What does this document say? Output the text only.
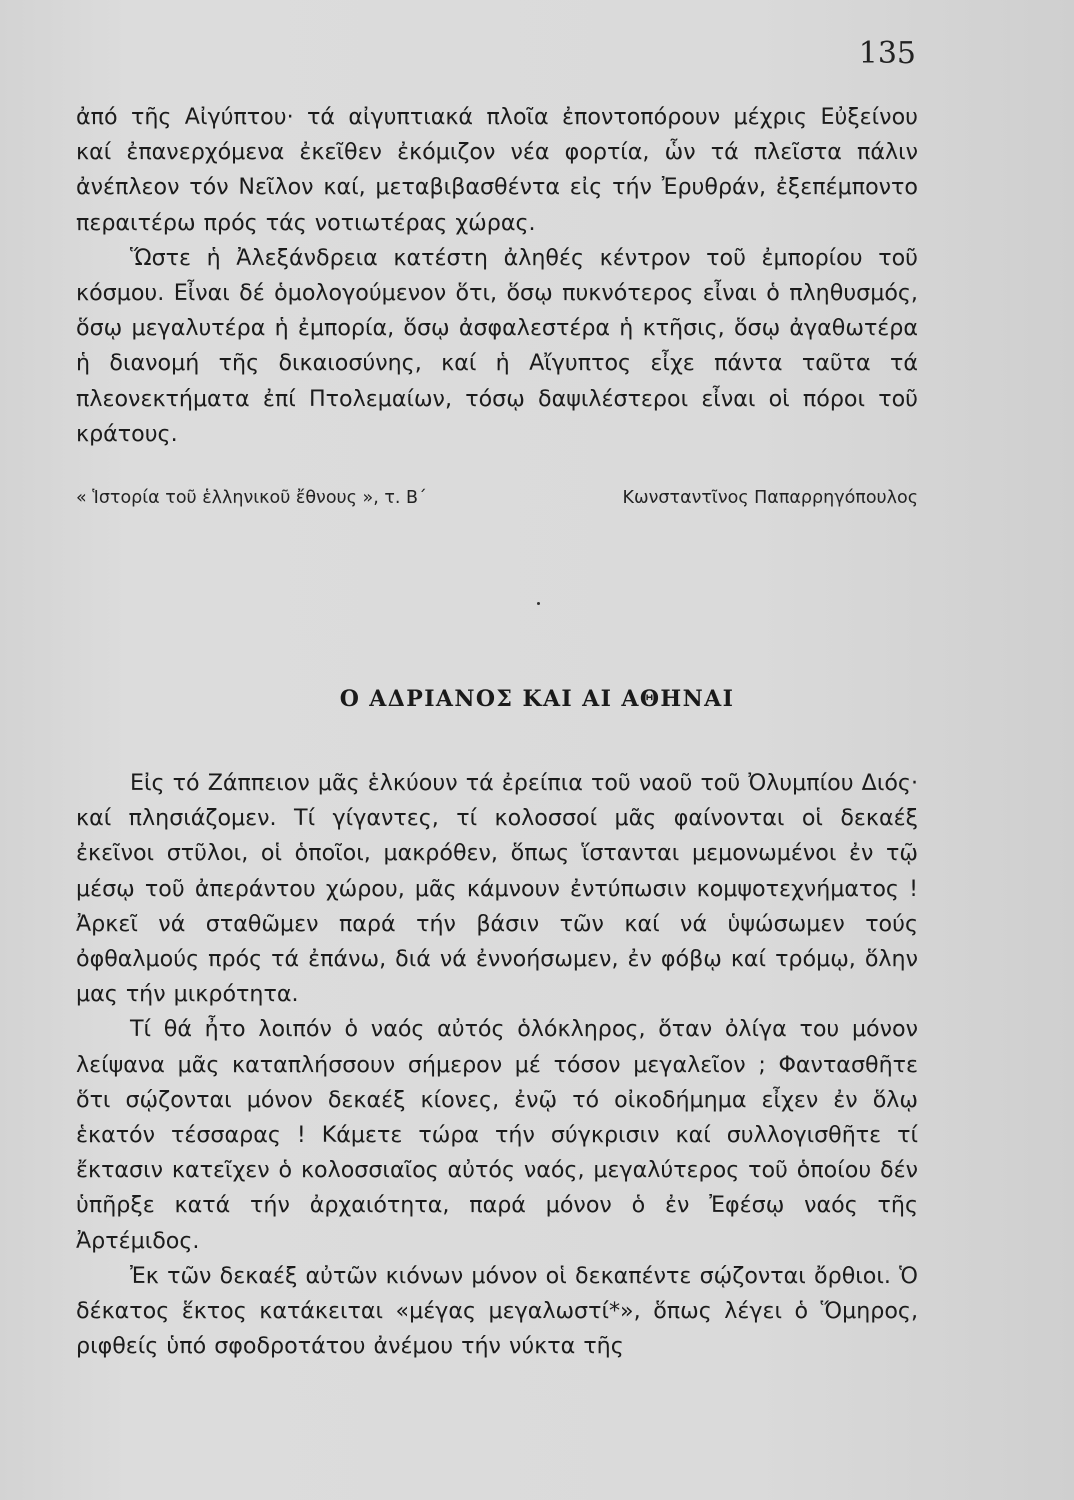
135

ἀπό τῆς Αἰγύπτου· τά αἰγυπτιακά πλοῖα ἐποντοπόρουν μέχρις Εὐξείνου καί ἐπανερχόμενα ἐκεῖθεν ἐκόμιζον νέα φορτία, ὧν τά πλεῖστα πάλιν ἀνέπλεον τόν Νεῖλον καί, μεταβιβασθέντα εἰς τήν Ἐρυθράν, ἐξεπέμποντο περαιτέρω πρός τάς νοτιωτέρας χώρας.

Ὥστε ἡ Ἀλεξάνδρεια κατέστη ἀληθές κέντρον τοῦ ἐμπορίου τοῦ κόσμου. Εἶναι δέ ὁμολογούμενον ὅτι, ὅσῳ πυκνότερος εἶναι ὁ πληθυσμός, ὅσῳ μεγαλυτέρα ἡ ἐμπορία, ὅσῳ ἀσφαλεστέρα ἡ κτῆσις, ὅσῳ ἀγαθωτέρα ἡ διανομή τῆς δικαιοσύνης, καί ἡ Αἴγυπτος εἶχε πάντα ταῦτα τά πλεονεκτήματα ἐπί Πτολεμαίων, τόσῳ δαψιλέστεροι εἶναι οἱ πόροι τοῦ κράτους.

« Ἱστορία τοῦ ἑλληνικοῦ ἔθνους », τ. Β΄	Κωνσταντῖνος Παπαρρηγόπουλος
Ο ΑΔΡΙΑΝΟΣ ΚΑΙ ΑΙ ΑΘΗΝΑΙ

Εἰς τό Ζάππειον μᾶς ἑλκύουν τά ἐρείπια τοῦ ναοῦ τοῦ Ὀλυμπίου Διός· καί πλησιάζομεν. Τί γίγαντες, τί κολοσσοί μᾶς φαίνονται οἱ δεκαέξ ἐκεῖνοι στῦλοι, οἱ ὁποῖοι, μακρόθεν, ὅπως ἵστανται μεμονωμένοι ἐν τῷ μέσῳ τοῦ ἀπεράντου χώρου, μᾶς κάμνουν ἐντύπωσιν κομψοτεχνήματος ! Ἀρκεῖ νά σταθῶμεν παρά τήν βάσιν τῶν καί νά ὑψώσωμεν τούς ὀφθαλμούς πρός τά ἐπάνω, διά νά ἐννοήσωμεν, ἐν φόβῳ καί τρόμῳ, ὅλην μας τήν μικρότητα.

Τί θά ἦτο λοιπόν ὁ ναός αὐτός ὁλόκληρος, ὅταν ὀλίγα του μόνον λείψανα μᾶς καταπλήσσουν σήμερον μέ τόσον μεγαλεῖον ; Φαντασθῆτε ὅτι σῴζονται μόνον δεκαέξ κίονες, ἐνῷ τό οἰκοδήμημα εἶχεν ἐν ὅλῳ ἑκατόν τέσσαρας ! Κάμετε τώρα τήν σύγκρισιν καί συλλογισθῆτε τί ἔκτασιν κατεῖχεν ὁ κολοσσιαῖος αὐτός ναός, μεγαλύτερος τοῦ ὁποίου δέν ὑπῆρξε κατά τήν ἀρχαιότητα, παρά μόνον ὁ ἐν Ἐφέσῳ ναός τῆς Ἀρτέμιδος.

Ἐκ τῶν δεκαέξ αὐτῶν κιόνων μόνον οἱ δεκαπέντε σῴζονται ὄρθιοι. Ὁ δέκατος ἕκτος κατάκειται «μέγας μεγαλωστί*», ὅπως λέγει ὁ Ὅμηρος, ριφθείς ὑπό σφοδροτάτου ἀνέμου τήν νύκτα τῆς
